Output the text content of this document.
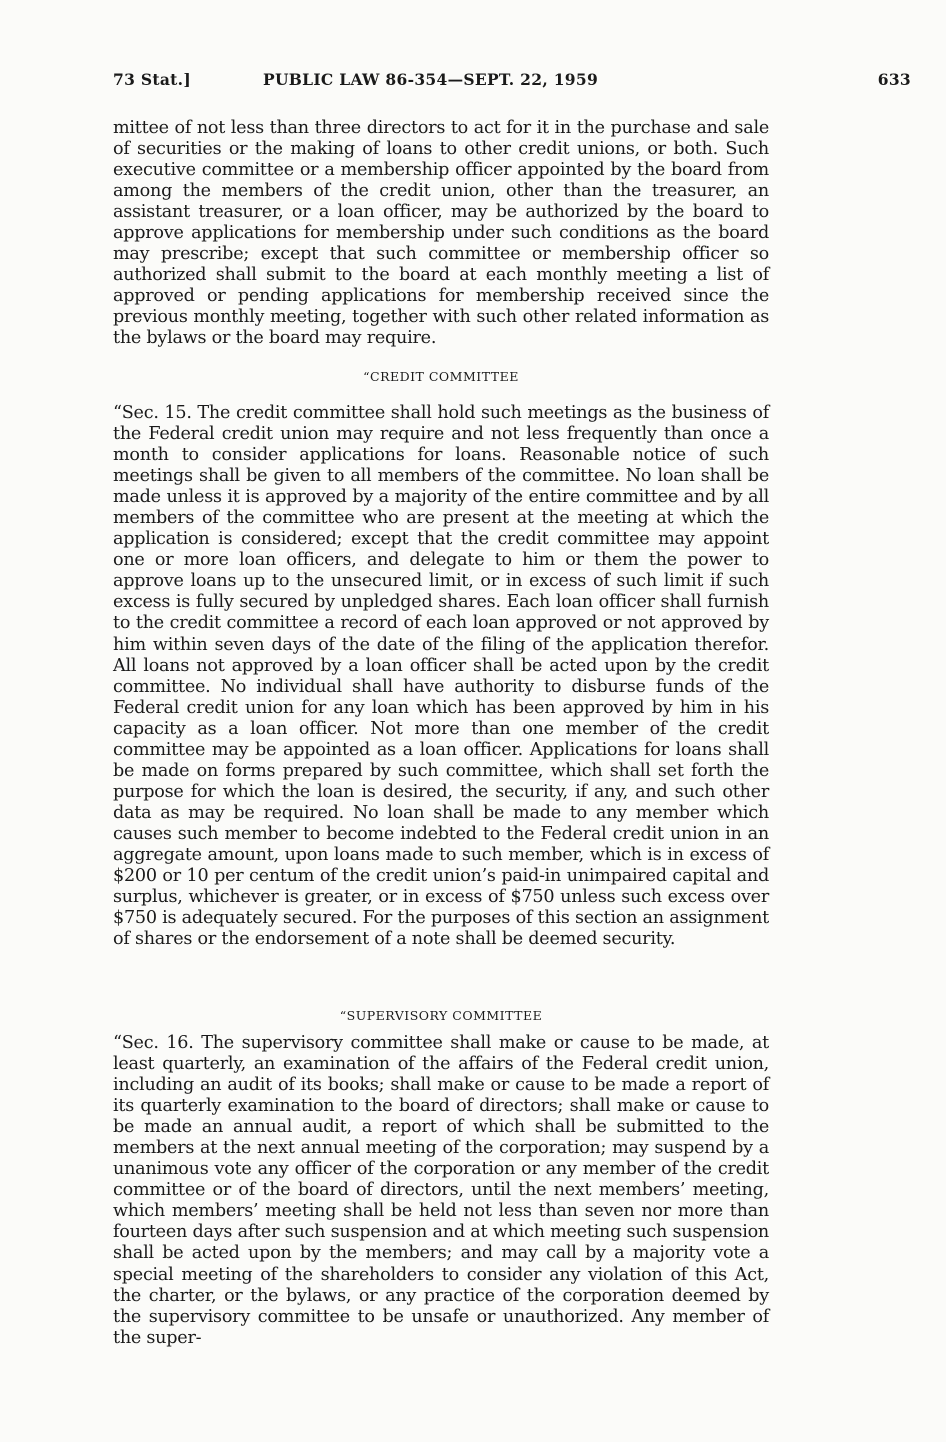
73 Stat.]	PUBLIC LAW 86-354—SEPT. 22, 1959	633

mittee of not less than three directors to act for it in the purchase and sale of securities or the making of loans to other credit unions, or both. Such executive committee or a membership officer appointed by the board from among the members of the credit union, other than the treasurer, an assistant treasurer, or a loan officer, may be authorized by the board to approve applications for membership under such conditions as the board may prescribe; except that such committee or membership officer so authorized shall submit to the board at each monthly meeting a list of approved or pending applications for membership received since the previous monthly meeting, together with such other related information as the bylaws or the board may require.

“CREDIT COMMITTEE

“Sec. 15. The credit committee shall hold such meetings as the business of the Federal credit union may require and not less frequently than once a month to consider applications for loans. Reasonable notice of such meetings shall be given to all members of the committee. No loan shall be made unless it is approved by a majority of the entire committee and by all members of the committee who are present at the meeting at which the application is considered; except that the credit committee may appoint one or more loan officers, and delegate to him or them the power to approve loans up to the unsecured limit, or in excess of such limit if such excess is fully secured by unpledged shares. Each loan officer shall furnish to the credit committee a record of each loan approved or not approved by him within seven days of the date of the filing of the application therefor. All loans not approved by a loan officer shall be acted upon by the credit committee. No individual shall have authority to disburse funds of the Federal credit union for any loan which has been approved by him in his capacity as a loan officer. Not more than one member of the credit committee may be appointed as a loan officer. Applications for loans shall be made on forms prepared by such committee, which shall set forth the purpose for which the loan is desired, the security, if any, and such other data as may be required. No loan shall be made to any member which causes such member to become indebted to the Federal credit union in an aggregate amount, upon loans made to such member, which is in excess of $200 or 10 per centum of the credit union’s paid-in unimpaired capital and surplus, whichever is greater, or in excess of $750 unless such excess over $750 is adequately secured. For the purposes of this section an assignment of shares or the endorsement of a note shall be deemed security.

“SUPERVISORY COMMITTEE

“Sec. 16. The supervisory committee shall make or cause to be made, at least quarterly, an examination of the affairs of the Federal credit union, including an audit of its books; shall make or cause to be made a report of its quarterly examination to the board of directors; shall make or cause to be made an annual audit, a report of which shall be submitted to the members at the next annual meeting of the corporation; may suspend by a unanimous vote any officer of the corporation or any member of the credit committee or of the board of directors, until the next members’ meeting, which members’ meeting shall be held not less than seven nor more than fourteen days after such suspension and at which meeting such suspension shall be acted upon by the members; and may call by a majority vote a special meeting of the shareholders to consider any violation of this Act, the charter, or the bylaws, or any practice of the corporation deemed by the supervisory committee to be unsafe or unauthorized. Any member of the super-
